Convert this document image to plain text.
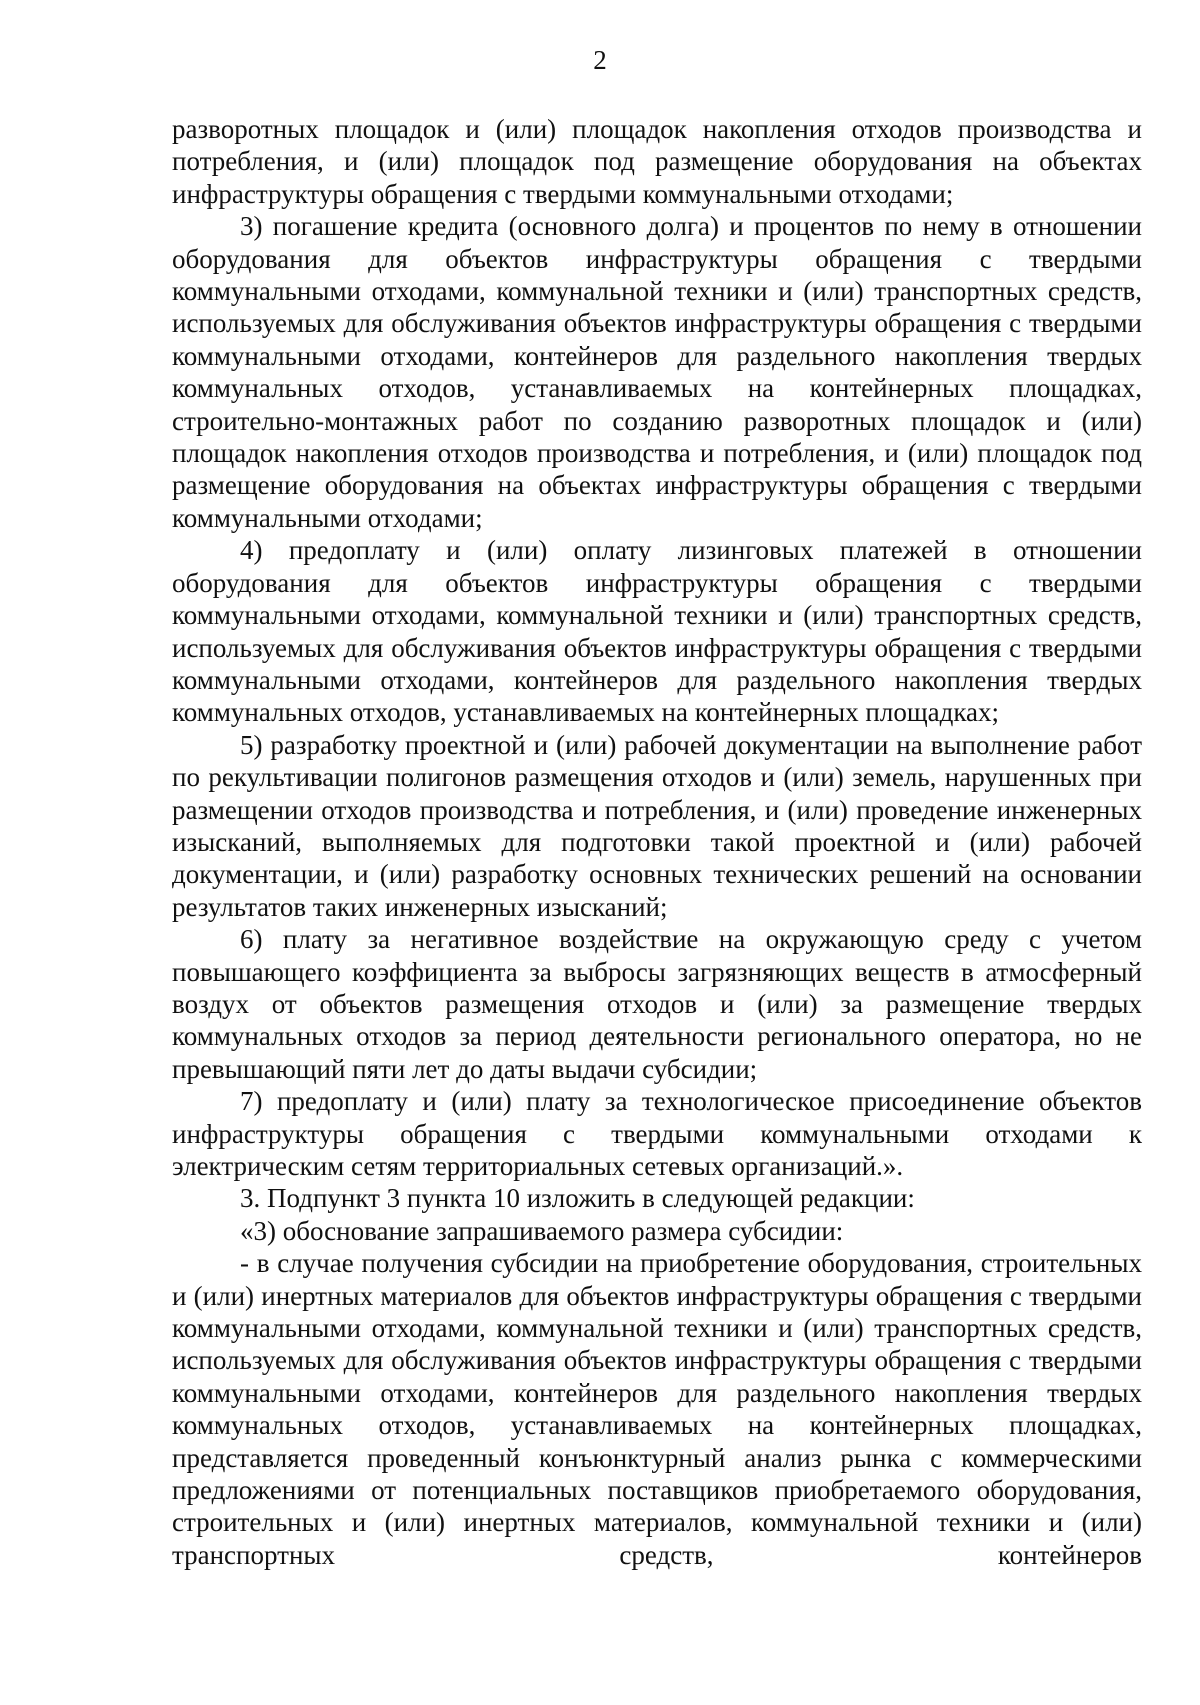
2

разворотных площадок и (или) площадок накопления отходов производства и потребления, и (или) площадок под размещение оборудования на объектах инфраструктуры обращения с твердыми коммунальными отходами;

3) погашение кредита (основного долга) и процентов по нему в отношении оборудования для объектов инфраструктуры обращения с твердыми коммунальными отходами, коммунальной техники и (или) транспортных средств, используемых для обслуживания объектов инфраструктуры обращения с твердыми коммунальными отходами, контейнеров для раздельного накопления твердых коммунальных отходов, устанавливаемых на контейнерных площадках, строительно-монтажных работ по созданию разворотных площадок и (или) площадок накопления отходов производства и потребления, и (или) площадок под размещение оборудования на объектах инфраструктуры обращения с твердыми коммунальными отходами;

4) предоплату и (или) оплату лизинговых платежей в отношении оборудования для объектов инфраструктуры обращения с твердыми коммунальными отходами, коммунальной техники и (или) транспортных средств, используемых для обслуживания объектов инфраструктуры обращения с твердыми коммунальными отходами, контейнеров для раздельного накопления твердых коммунальных отходов, устанавливаемых на контейнерных площадках;

5) разработку проектной и (или) рабочей документации на выполнение работ по рекультивации полигонов размещения отходов и (или) земель, нарушенных при размещении отходов производства и потребления, и (или) проведение инженерных изысканий, выполняемых для подготовки такой проектной и (или) рабочей документации, и (или) разработку основных технических решений на основании результатов таких инженерных изысканий;

6) плату за негативное воздействие на окружающую среду с учетом повышающего коэффициента за выбросы загрязняющих веществ в атмосферный воздух от объектов размещения отходов и (или) за размещение твердых коммунальных отходов за период деятельности регионального оператора, но не превышающий пяти лет до даты выдачи субсидии;

7) предоплату и (или) плату за технологическое присоединение объектов инфраструктуры обращения с твердыми коммунальными отходами к электрическим сетям территориальных сетевых организаций.».

3. Подпункт 3 пункта 10 изложить в следующей редакции:

«3) обоснование запрашиваемого размера субсидии:

- в случае получения субсидии на приобретение оборудования, строительных и (или) инертных материалов для объектов инфраструктуры обращения с твердыми коммунальными отходами, коммунальной техники и (или) транспортных средств, используемых для обслуживания объектов инфраструктуры обращения с твердыми коммунальными отходами, контейнеров для раздельного накопления твердых коммунальных отходов, устанавливаемых на контейнерных площадках, представляется проведенный конъюнктурный анализ рынка с коммерческими предложениями от потенциальных поставщиков приобретаемого оборудования, строительных и (или) инертных материалов, коммунальной техники и (или) транспортных средств, контейнеров
